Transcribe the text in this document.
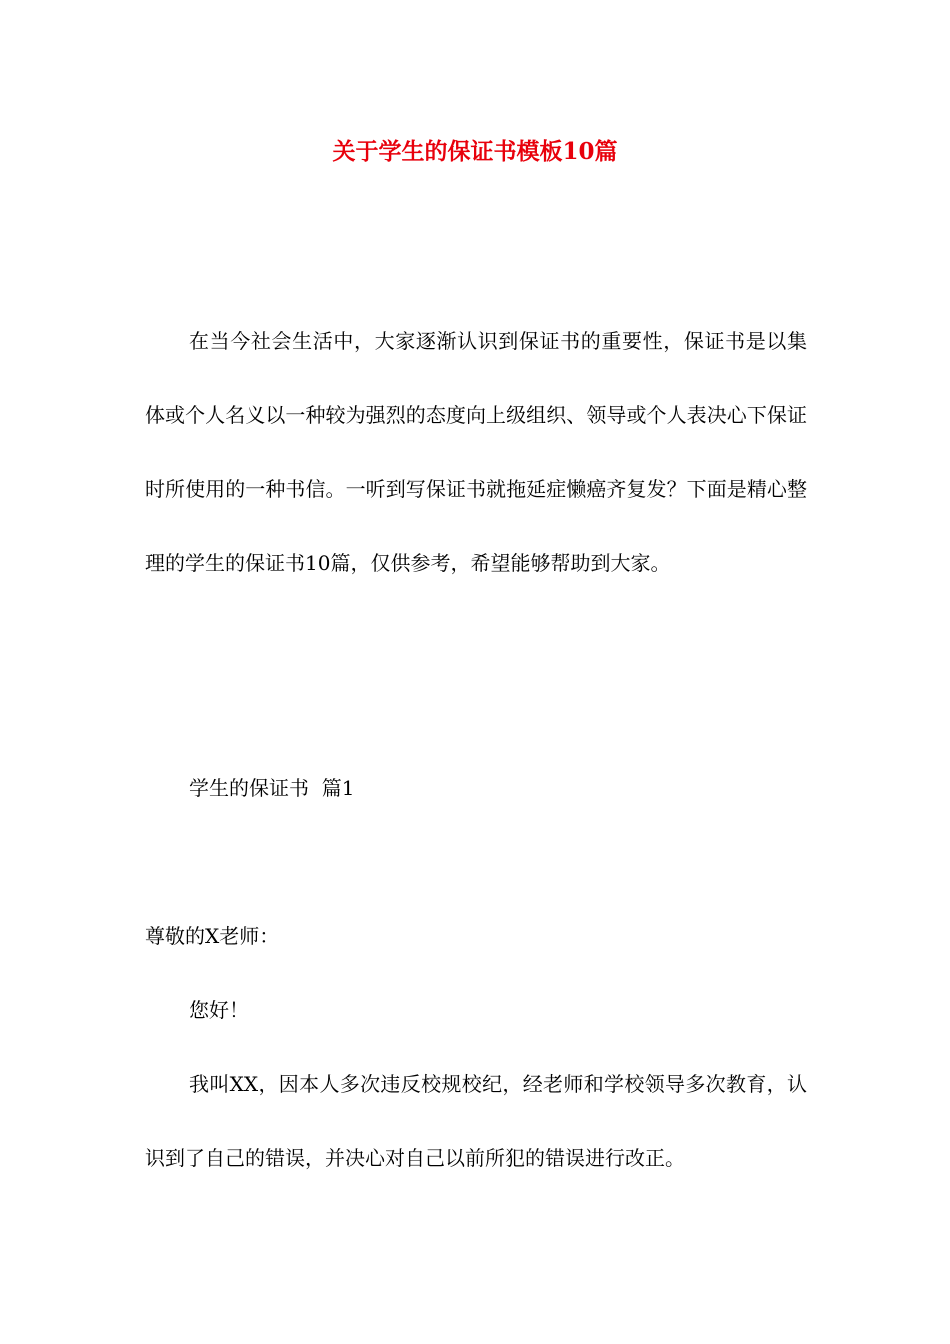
关于学生的保证书模板10篇

在当今社会生活中，大家逐渐认识到保证书的重要性，保证书是以集体或个人名义以一种较为强烈的态度向上级组织、领导或个人表决心下保证时所使用的一种书信。一听到写保证书就拖延症懒癌齐复发？下面是精心整理的学生的保证书10篇，仅供参考，希望能够帮助到大家。

学生的保证书  篇1

尊敬的X老师：

您好！

我叫XX，因本人多次违反校规校纪，经老师和学校领导多次教育，认识到了自己的错误，并决心对自己以前所犯的错误进行改正。
